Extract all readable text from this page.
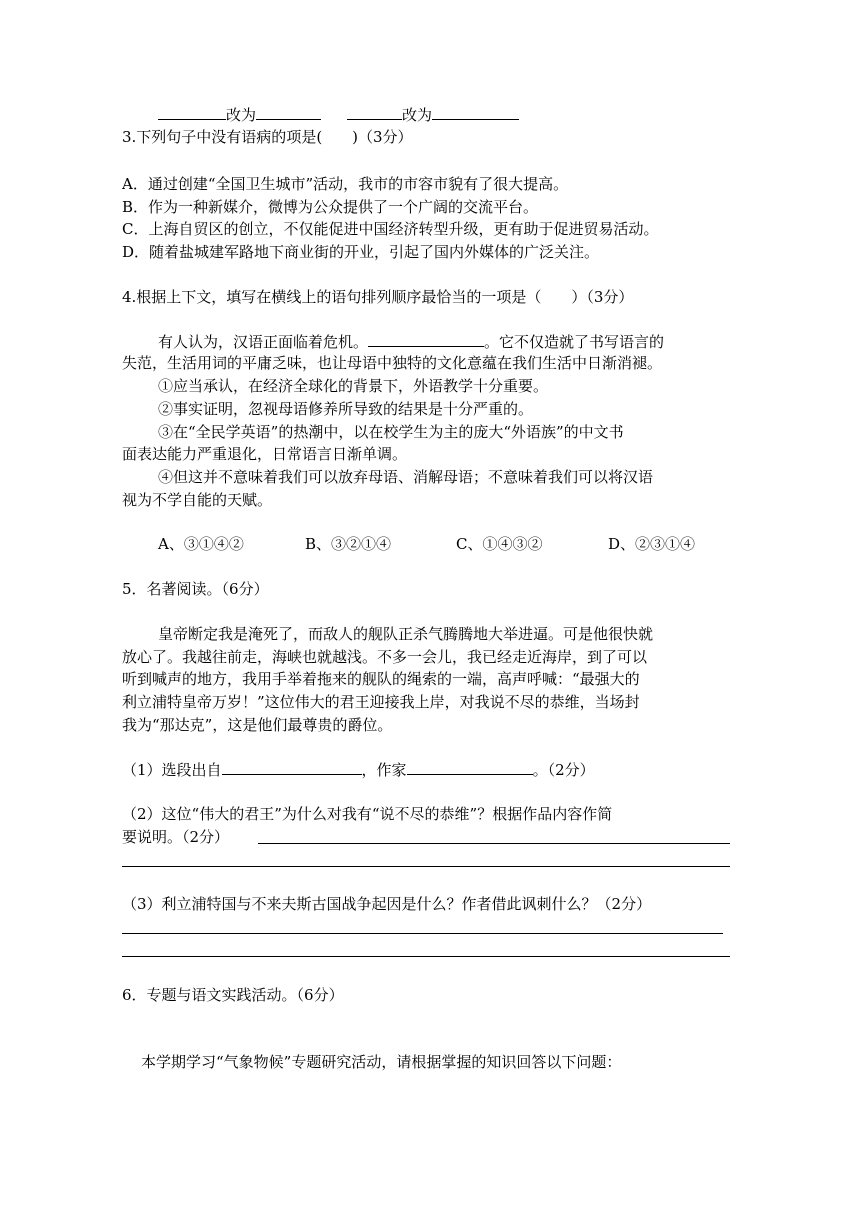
改为	改为
3.下列句子中没有语病的项是(　　)（3分）
A．通过创建“全国卫生城市”活动，我市的市容市貌有了很大提高。
B．作为一种新媒介，微博为公众提供了一个广阔的交流平台。
C．上海自贸区的创立，不仅能促进中国经济转型升级，更有助于促进贸易活动。
D．随着盐城建军路地下商业街的开业，引起了国内外媒体的广泛关注。
4.根据上下文，填写在横线上的语句排列顺序最恰当的一项是（　　）（3分）
有人认为，汉语正面临着危机。	。它不仅造就了书写语言的
失范，生活用词的平庸乏味，也让母语中独特的文化意蕴在我们生活中日渐消褪。
①应当承认，在经济全球化的背景下，外语教学十分重要。
②事实证明，忽视母语修养所导致的结果是十分严重的。
③在“全民学英语”的热潮中，以在校学生为主的庞大“外语族”的中文书
面表达能力严重退化，日常语言日渐单调。
④但这并不意味着我们可以放弃母语、消解母语；不意味着我们可以将汉语
视为不学自能的天赋。
A、③①④②	B、③②①④	C、①④③②	D、②③①④
5．名著阅读。（6分）
皇帝断定我是淹死了，而敌人的舰队正杀气腾腾地大举进逼。可是他很快就
放心了。我越往前走，海峡也就越浅。不多一会儿，我已经走近海岸，到了可以
听到喊声的地方，我用手举着拖来的舰队的绳索的一端，高声呼喊：“最强大的
利立浦特皇帝万岁！”这位伟大的君王迎接我上岸，对我说不尽的恭维，当场封
我为“那达克”，这是他们最尊贵的爵位。
（1）选段出自	，作家	。（2分）
（2）这位“伟大的君王”为什么对我有“说不尽的恭维”？根据作品内容作简
要说明。（2分）
（3）利立浦特国与不来夫斯古国战争起因是什么？作者借此讽刺什么？（2分）
6．专题与语文实践活动。（6分）
本学期学习“气象物候”专题研究活动，请根据掌握的知识回答以下问题：
